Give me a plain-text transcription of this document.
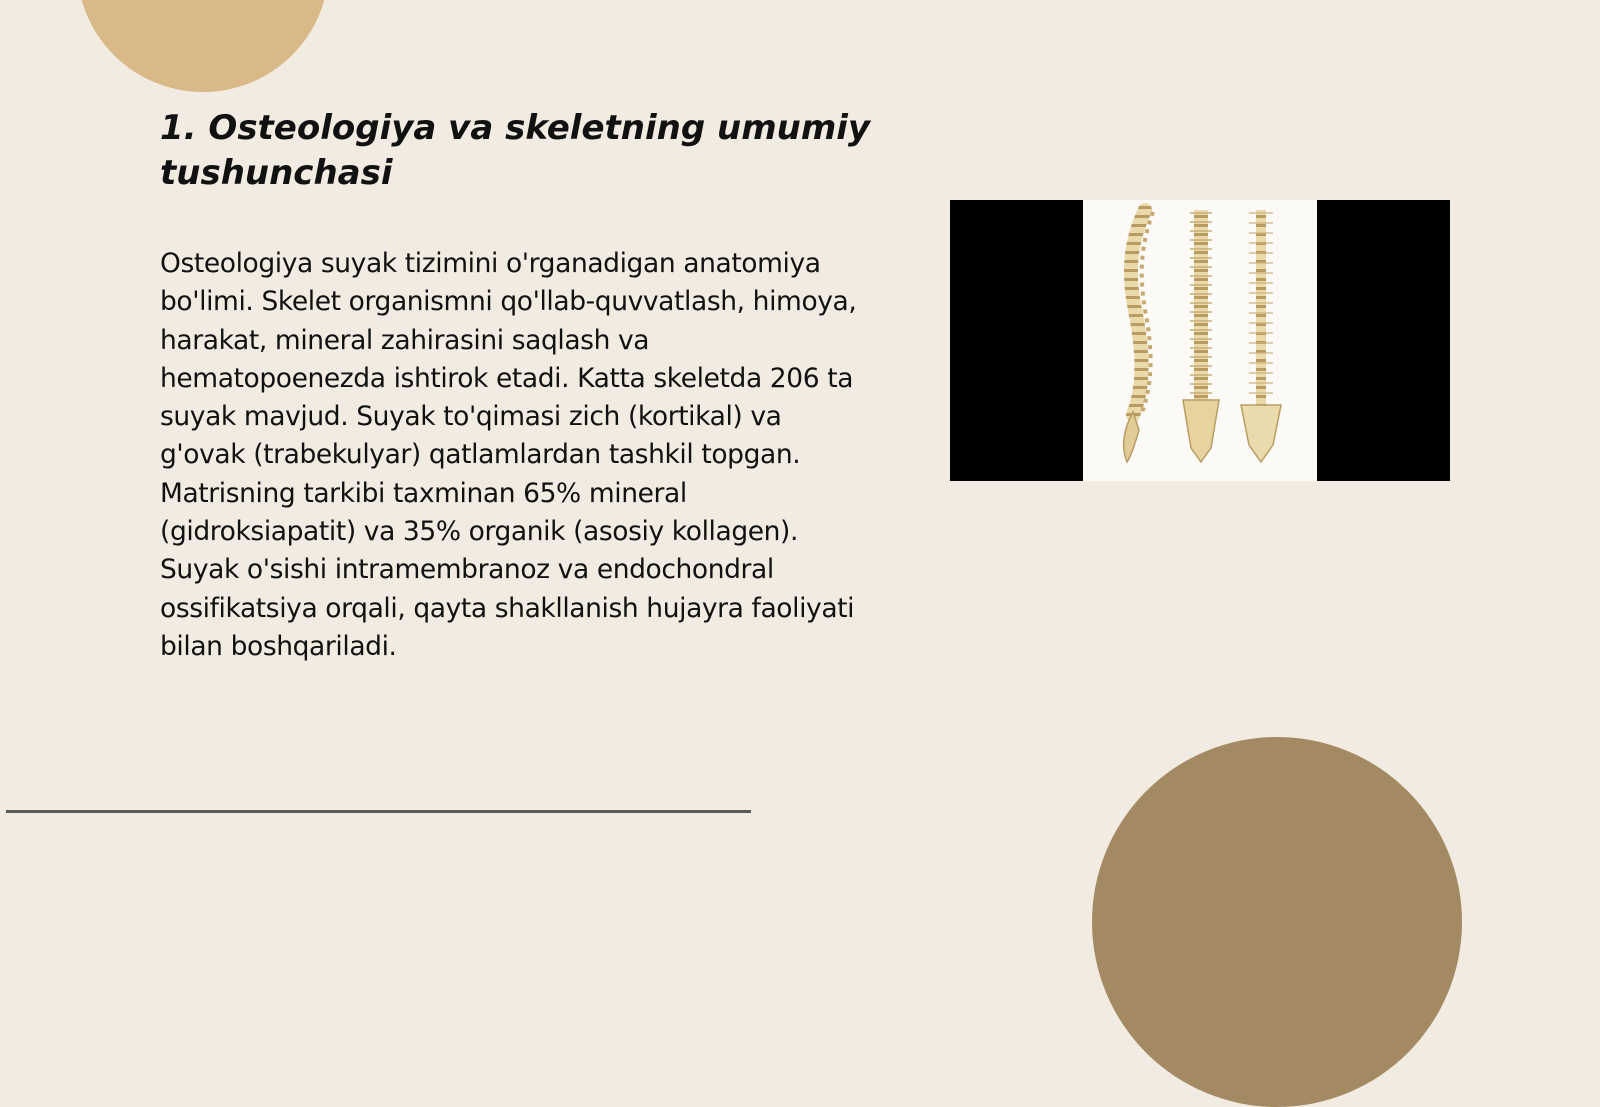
1. Osteologiya va skeletning umumiy tushunchasi

Osteologiya suyak tizimini o'rganadigan anatomiya bo'limi. Skelet organismni qo'llab-quvvatlash, himoya, harakat, mineral zahirasini saqlash va hematopoenezda ishtirok etadi. Katta skeletda 206 ta suyak mavjud. Suyak to'qimasi zich (kortikal) va g'ovak (trabekulyar) qatlamlardan tashkil topgan. Matrisning tarkibi taxminan 65% mineral (gidroksiapatit) va 35% organik (asosiy kollagen). Suyak o'sishi intramembranoz va endochondral ossifikatsiya orqali, qayta shakllanish hujayra faoliyati bilan boshqariladi.
